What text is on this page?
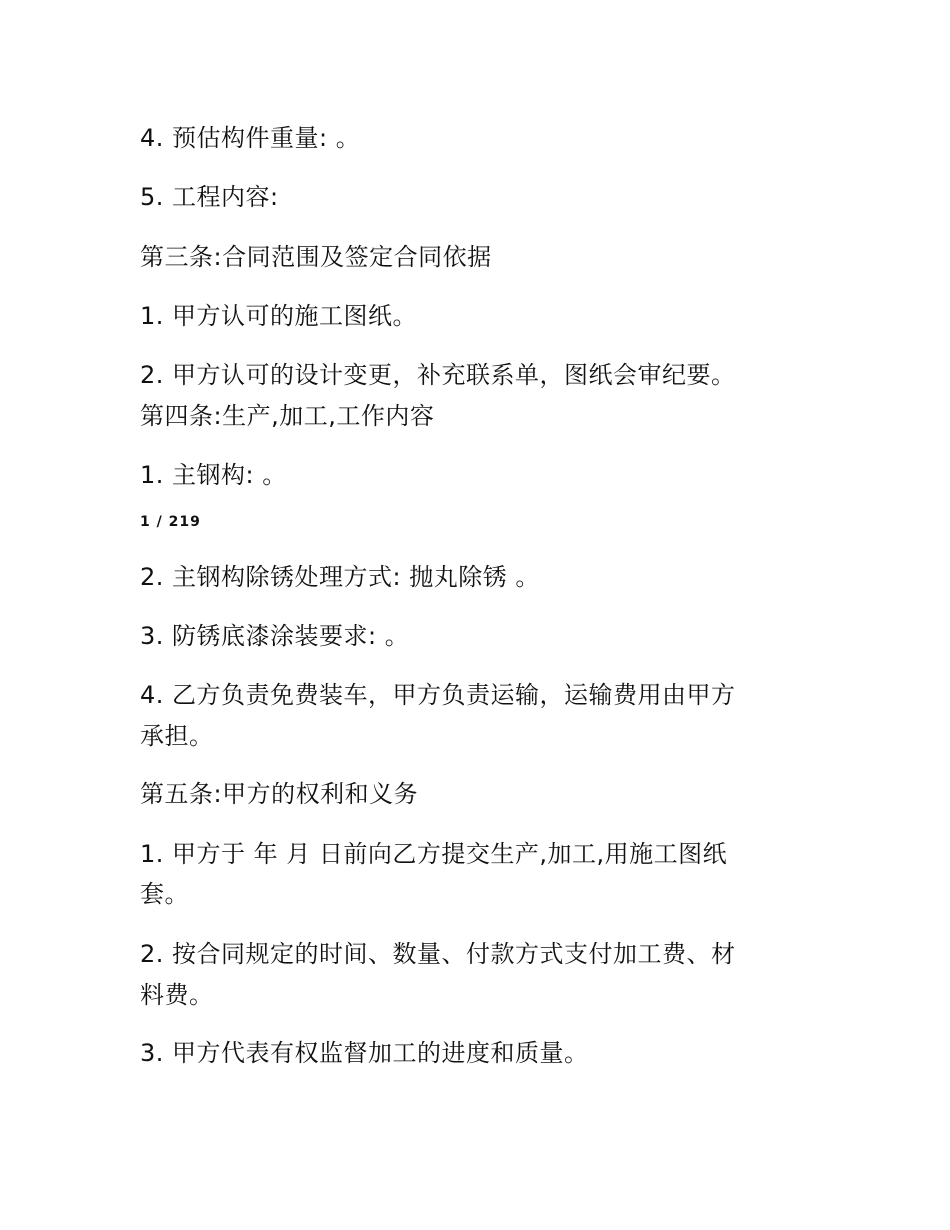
4. 预估构件重量: 。
5. 工程内容:
第三条:合同范围及签定合同依据
1. 甲方认可的施工图纸。
2. 甲方认可的设计变更，补充联系单，图纸会审纪要。
第四条:生产,加工,工作内容
1. 主钢构: 。
1 / 219
2. 主钢构除锈处理方式: 抛丸除锈 。
3. 防锈底漆涂装要求: 。
4. 乙方负责免费装车，甲方负责运输，运输费用由甲方
承担。
第五条:甲方的权利和义务
1. 甲方于 年 月 日前向乙方提交生产,加工,用施工图纸
套。
2. 按合同规定的时间、数量、付款方式支付加工费、材
料费。
3. 甲方代表有权监督加工的进度和质量。
